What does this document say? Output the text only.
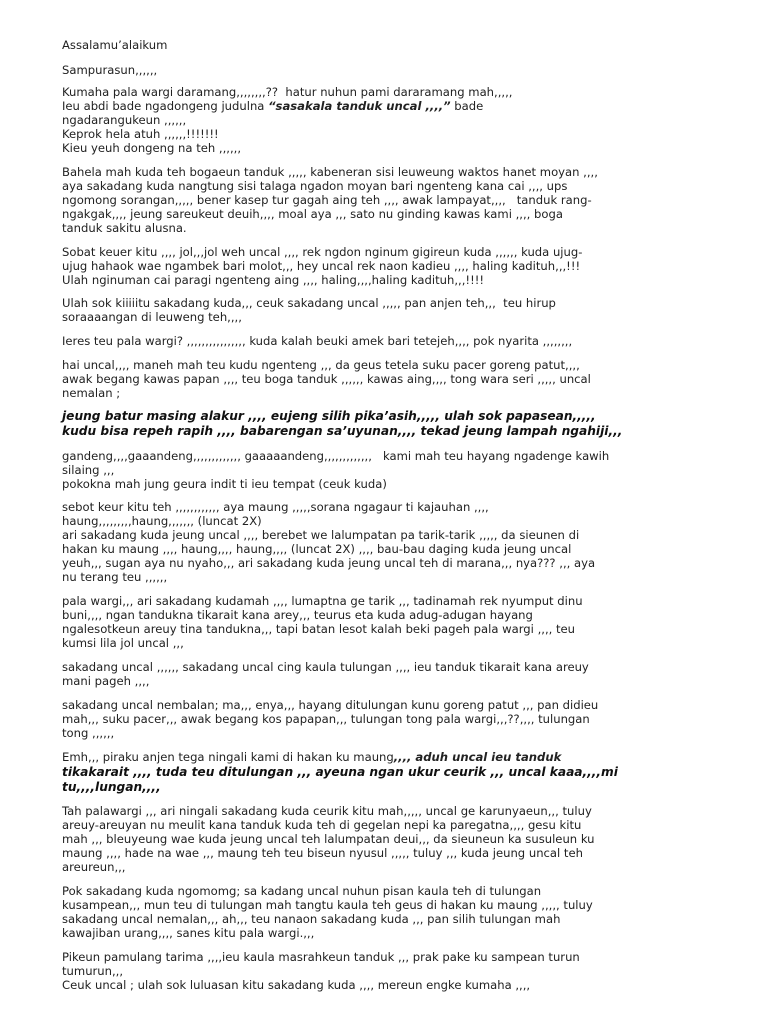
Assalamu’alaikum
Sampurasun,,,,,,
Kumaha pala wargi daramang,,,,,,,,??  hatur nuhun pami dararamang mah,,,,,
Ieu abdi bade ngadongeng judulna “sasakala tanduk uncal ,,,,” bade
ngadarangukeun ,,,,,,
Keprok hela atuh ,,,,,,!!!!!!!
Kieu yeuh dongeng na teh ,,,,,,
Bahela mah kuda teh bogaeun tanduk ,,,,, kabeneran sisi leuweung waktos hanet moyan ,,,,
aya sakadang kuda nangtung sisi talaga ngadon moyan bari ngenteng kana cai ,,,, ups
ngomong sorangan,,,,, bener kasep tur gagah aing teh ,,,, awak lampayat,,,,   tanduk rang-
ngakgak,,,, jeung sareukeut deuih,,,, moal aya ,,, sato nu ginding kawas kami ,,,, boga
tanduk sakitu alusna.
Sobat keuer kitu ,,,, jol,,,jol weh uncal ,,,, rek ngdon nginum gigireun kuda ,,,,,, kuda ujug-
ujug hahaok wae ngambek bari molot,,, hey uncal rek naon kadieu ,,,, haling kadituh,,,!!!
Ulah nginuman cai paragi ngenteng aing ,,,, haling,,,,haling kadituh,,,!!!!
Ulah sok kiiiiitu sakadang kuda,,, ceuk sakadang uncal ,,,,, pan anjen teh,,,  teu hirup
soraaaangan di leuweng teh,,,,
Ieres teu pala wargi? ,,,,,,,,,,,,,,,, kuda kalah beuki amek bari tetejeh,,,, pok nyarita ,,,,,,,,
hai uncal,,,, maneh mah teu kudu ngenteng ,,, da geus tetela suku pacer goreng patut,,,,
awak begang kawas papan ,,,, teu boga tanduk ,,,,,, kawas aing,,,, tong wara seri ,,,,, uncal
nemalan ;
jeung batur masing alakur ,,,, eujeng silih pika’asih,,,,, ulah sok papasean,,,,,
kudu bisa repeh rapih ,,,, babarengan sa’uyunan,,,, tekad jeung lampah ngahiji,,,
gandeng,,,,gaaandeng,,,,,,,,,,,,, gaaaaandeng,,,,,,,,,,,,,   kami mah teu hayang ngadenge kawih
silaing ,,,
pokokna mah jung geura indit ti ieu tempat (ceuk kuda)
sebot keur kitu teh ,,,,,,,,,,,, aya maung ,,,,,sorana ngagaur ti kajauhan ,,,,
haung,,,,,,,,,haung,,,,,,, (luncat 2X)
ari sakadang kuda jeung uncal ,,,, berebet we lalumpatan pa tarik-tarik ,,,,, da sieunen di
hakan ku maung ,,,, haung,,,, haung,,,, (luncat 2X) ,,,, bau-bau daging kuda jeung uncal
yeuh,,, sugan aya nu nyaho,,, ari sakadang kuda jeung uncal teh di marana,,, nya??? ,,, aya
nu terang teu ,,,,,,
pala wargi,,, ari sakadang kudamah ,,,, lumaptna ge tarik ,,, tadinamah rek nyumput dinu
buni,,,, ngan tandukna tikarait kana arey,,, teurus eta kuda adug-adugan hayang
ngalesotkeun areuy tina tandukna,,, tapi batan lesot kalah beki pageh pala wargi ,,,, teu
kumsi lila jol uncal ,,,
sakadang uncal ,,,,,, sakadang uncal cing kaula tulungan ,,,, ieu tanduk tikarait kana areuy
mani pageh ,,,,
sakadang uncal nembalan; ma,,, enya,,, hayang ditulungan kunu goreng patut ,,, pan didieu
mah,,, suku pacer,,, awak begang kos papapan,,, tulungan tong pala wargi,,,??,,,, tulungan
tong ,,,,,,
Emh,,, piraku anjen tega ningali kami di hakan ku maung,,,, aduh uncal ieu tanduk
tikakarait ,,,, tuda teu ditulungan ,,, ayeuna ngan ukur ceurik ,,, uncal kaaa,,,,mi
tu,,,,lungan,,,,
Tah palawargi ,,, ari ningali sakadang kuda ceurik kitu mah,,,,, uncal ge karunyaeun,,, tuluy
areuy-areuyan nu meulit kana tanduk kuda teh di gegelan nepi ka paregatna,,,, gesu kitu
mah ,,, bleuyeung wae kuda jeung uncal teh lalumpatan deui,,, da sieuneun ka susuleun ku
maung ,,,, hade na wae ,,, maung teh teu biseun nyusul ,,,,, tuluy ,,, kuda jeung uncal teh
areureun,,,
Pok sakadang kuda ngomomg; sa kadang uncal nuhun pisan kaula teh di tulungan
kusampean,,, mun teu di tulungan mah tangtu kaula teh geus di hakan ku maung ,,,,, tuluy
sakadang uncal nemalan,,, ah,,, teu nanaon sakadang kuda ,,, pan silih tulungan mah
kawajiban urang,,,, sanes kitu pala wargi.,,,
Pikeun pamulang tarima ,,,,ieu kaula masrahkeun tanduk ,,, prak pake ku sampean turun
tumurun,,,
Ceuk uncal ; ulah sok luluasan kitu sakadang kuda ,,,, mereun engke kumaha ,,,,
